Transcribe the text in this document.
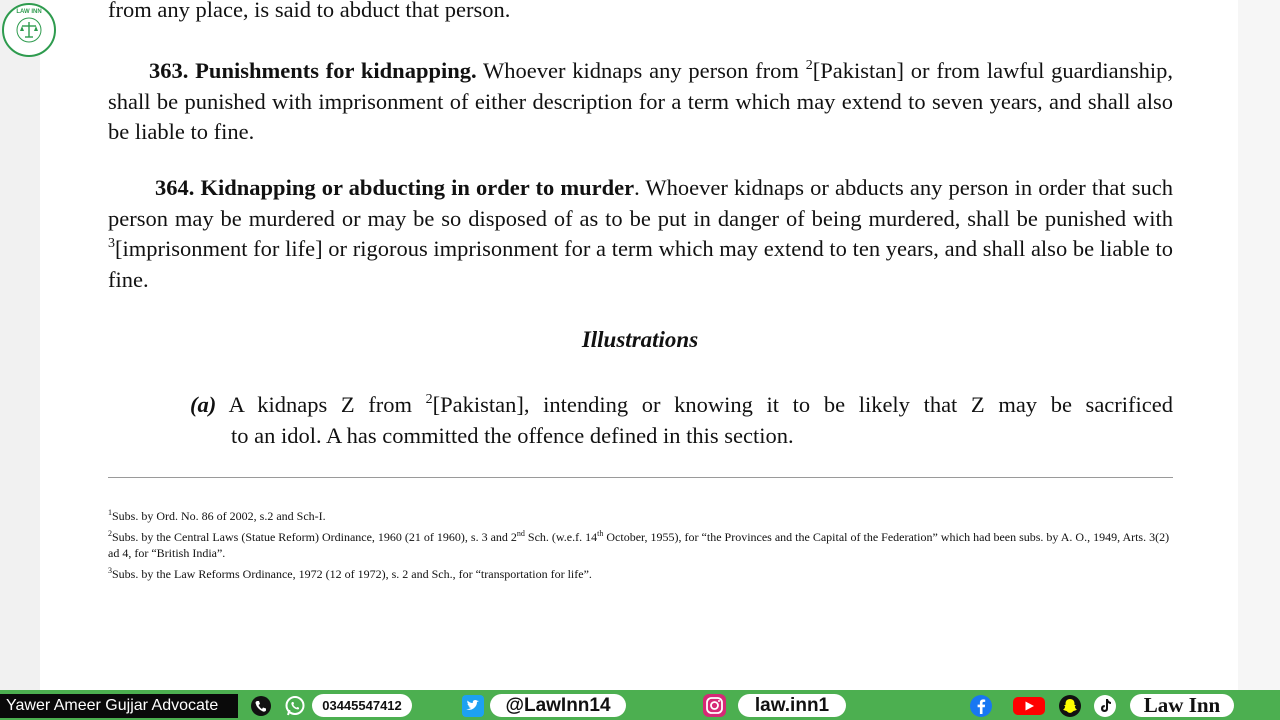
LAW INN	from any place, is said to abduct that person.
363. Punishments for kidnapping. Whoever kidnaps any person from $^2$[Pakistan] or from lawful guardianship, shall be punished with imprisonment of either description for a term which may extend to seven years, and shall also be liable to fine.
364. Kidnapping or abducting in order to murder. Whoever kidnaps or abducts any person in order that such person may be murdered or may be so disposed of as to be put in danger of being murdered, shall be punished with $^3$[imprisonment for life] or rigorous imprisonment for a term which may extend to ten years, and shall also be liable to fine.
Illustrations
(a) A kidnaps Z from $^2$[Pakistan], intending or knowing it to be likely that Z may be sacrificed
to an idol. A has committed the offence defined in this section.
$^1$Subs. by Ord. No. 86 of 2002, s.2 and Sch-I.
$^2$Subs. by the Central Laws (Statue Reform) Ordinance, 1960 (21 of 1960), s. 3 and 2nd Sch. (w.e.f. 14th October, 1955), for “the Provinces and the Capital of the Federation” which had been subs. by A. O., 1949, Arts. 3(2) ad 4, for “British India”.
$^3$Subs. by the Law Reforms Ordinance, 1972 (12 of 1972), s. 2 and Sch., for “transportation for life”.
Yawer Ameer Gujjar Advocate	03445547412	@LawInn14	law.inn1	Law Inn
